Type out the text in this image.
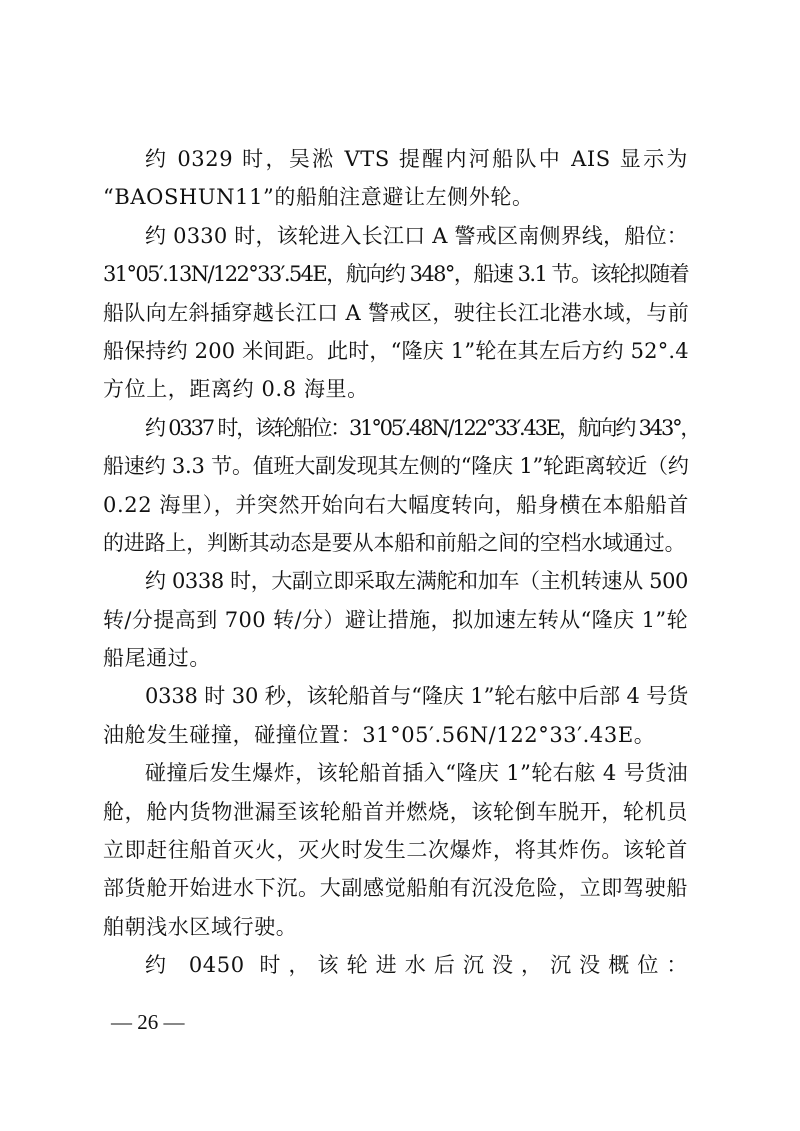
约 0329 时，吴淞 VTS 提醒内河船队中 AIS 显示为
“BAOSHUN11”的船舶注意避让左侧外轮。
约 0330 时，该轮进入长江口 A 警戒区南侧界线，船位：
31°05′.13N/122°33′.54E，航向约 348°，船速 3.1 节。该轮拟随着
船队向左斜插穿越长江口 A 警戒区，驶往长江北港水域，与前
船保持约 200 米间距。此时，“隆庆 1”轮在其左后方约 52°.4
方位上，距离约 0.8 海里。
约 0337 时，该轮船位：31°05′.48N/122°33′.43E，航向约 343°，
船速约 3.3 节。值班大副发现其左侧的“隆庆 1”轮距离较近（约
0.22 海里），并突然开始向右大幅度转向，船身横在本船船首
的进路上，判断其动态是要从本船和前船之间的空档水域通过。
约 0338 时，大副立即采取左满舵和加车（主机转速从 500
转/分提高到 700 转/分）避让措施，拟加速左转从“隆庆 1”轮
船尾通过。
0338 时 30 秒，该轮船首与“隆庆 1”轮右舷中后部 4 号货
油舱发生碰撞，碰撞位置：31°05′.56N/122°33′.43E。
碰撞后发生爆炸，该轮船首插入“隆庆 1”轮右舷 4 号货油
舱，舱内货物泄漏至该轮船首并燃烧，该轮倒车脱开，轮机员
立即赶往船首灭火，灭火时发生二次爆炸，将其炸伤。该轮首
部货舱开始进水下沉。大副感觉船舶有沉没危险，立即驾驶船
舶朝浅水区域行驶。
约 0450 时，该轮进水后沉没，沉没概位：
— 26 —
